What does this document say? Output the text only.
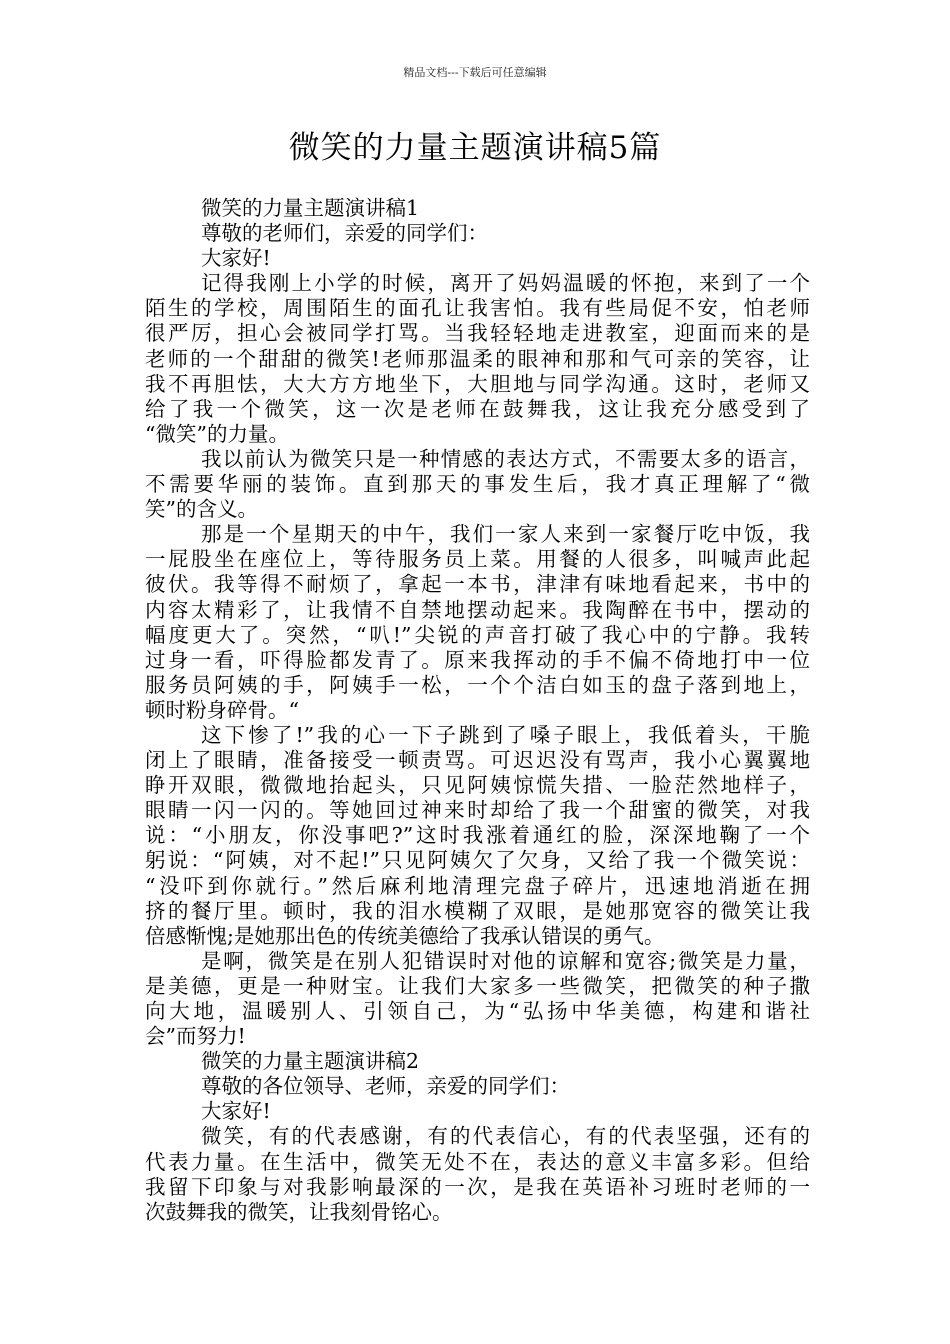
精品文档---下载后可任意编辑
微笑的力量主题演讲稿5篇

微笑的力量主题演讲稿1

尊敬的老师们，亲爱的同学们：

大家好!

记得我刚上小学的时候，离开了妈妈温暖的怀抱，来到了一个

陌生的学校，周围陌生的面孔让我害怕。我有些局促不安，怕老师

很严厉，担心会被同学打骂。当我轻轻地走进教室，迎面而来的是

老师的一个甜甜的微笑!老师那温柔的眼神和那和气可亲的笑容，让

我不再胆怯，大大方方地坐下，大胆地与同学沟通。这时，老师又

给了我一个微笑，这一次是老师在鼓舞我，这让我充分感受到了

“微笑”的力量。

我以前认为微笑只是一种情感的表达方式，不需要太多的语言，

不需要华丽的装饰。直到那天的事发生后，我才真正理解了“微

笑”的含义。

那是一个星期天的中午，我们一家人来到一家餐厅吃中饭，我

一屁股坐在座位上，等待服务员上菜。用餐的人很多，叫喊声此起

彼伏。我等得不耐烦了，拿起一本书，津津有味地看起来，书中的

内容太精彩了，让我情不自禁地摆动起来。我陶醉在书中，摆动的

幅度更大了。突然，“叭!”尖锐的声音打破了我心中的宁静。我转

过身一看，吓得脸都发青了。原来我挥动的手不偏不倚地打中一位

服务员阿姨的手，阿姨手一松，一个个洁白如玉的盘子落到地上，

顿时粉身碎骨。“

这下惨了!”我的心一下子跳到了嗓子眼上，我低着头，干脆

闭上了眼睛，准备接受一顿责骂。可迟迟没有骂声，我小心翼翼地

睁开双眼，微微地抬起头，只见阿姨惊慌失措、一脸茫然地样子，

眼睛一闪一闪的。等她回过神来时却给了我一个甜蜜的微笑，对我

说：“小朋友，你没事吧?”这时我涨着通红的脸，深深地鞠了一个

躬说：“阿姨，对不起!”只见阿姨欠了欠身，又给了我一个微笑说：

“没吓到你就行。”然后麻利地清理完盘子碎片，迅速地消逝在拥

挤的餐厅里。顿时，我的泪水模糊了双眼，是她那宽容的微笑让我

倍感惭愧;是她那出色的传统美德给了我承认错误的勇气。

是啊，微笑是在别人犯错误时对他的谅解和宽容;微笑是力量，

是美德，更是一种财宝。让我们大家多一些微笑，把微笑的种子撒

向大地，温暖别人、引领自己，为“弘扬中华美德，构建和谐社

会”而努力!

微笑的力量主题演讲稿2

尊敬的各位领导、老师，亲爱的同学们：

大家好!

微笑，有的代表感谢，有的代表信心，有的代表坚强，还有的

代表力量。在生活中，微笑无处不在，表达的意义丰富多彩。但给

我留下印象与对我影响最深的一次，是我在英语补习班时老师的一

次鼓舞我的微笑，让我刻骨铭心。
